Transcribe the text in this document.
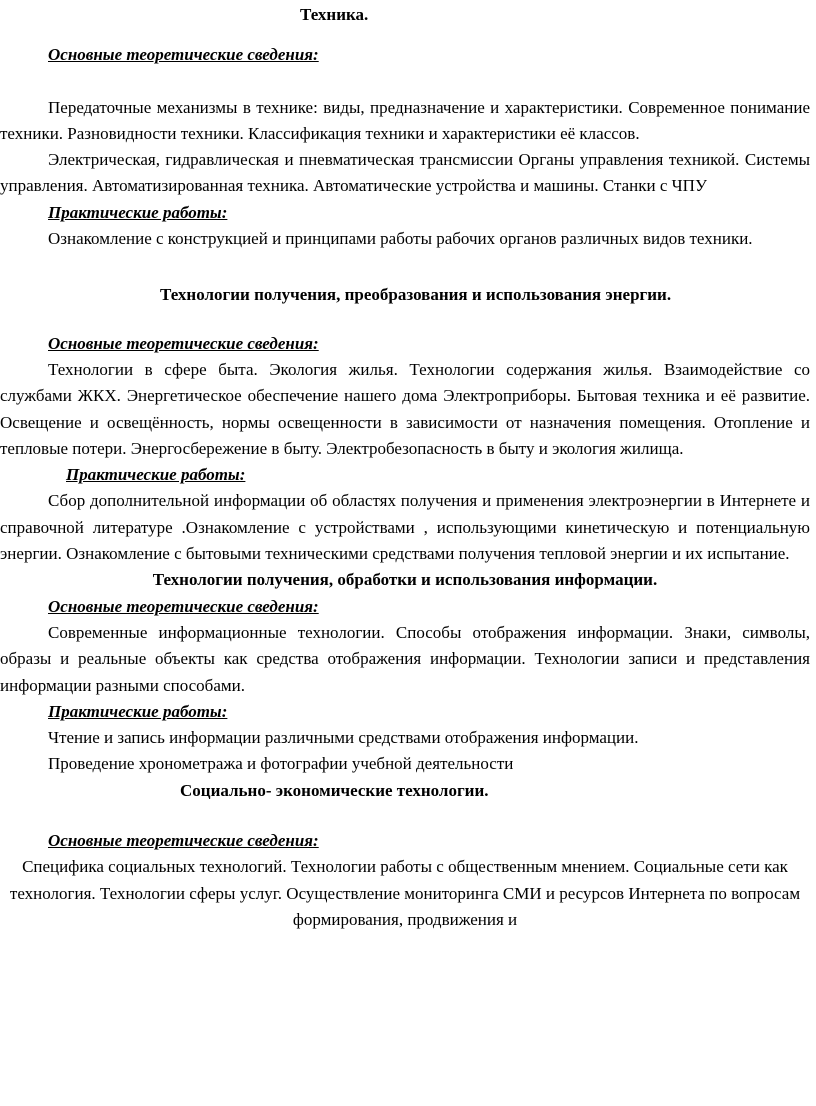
Техника.

Основные теоретические сведения:

Передаточные механизмы в технике: виды, предназначение и характеристики. Современное понимание техники. Разновидности техники. Классификация техники и характеристики её классов.

Электрическая, гидравлическая и пневматическая трансмиссии Органы управления техникой. Системы управления. Автоматизированная техника. Автоматические устройства и машины. Станки с ЧПУ

Практические работы:

Ознакомление с конструкцией и принципами работы рабочих органов различных видов техники.

Технологии получения, преобразования и использования энергии.

Основные теоретические сведения:

Технологии в сфере быта. Экология жилья. Технологии содержания жилья. Взаимодействие со службами ЖКХ. Энергетическое обеспечение нашего дома Электроприборы. Бытовая техника и её развитие. Освещение и освещённость, нормы освещенности в зависимости от назначения помещения. Отопление и тепловые потери. Энергосбережение в быту. Электробезопасность в быту и экология жилища.

Практические работы:

Сбор дополнительной информации об областях получения и применения электроэнергии в Интернете и справочной литературе .Ознакомление с устройствами , использующими кинетическую и потенциальную энергии. Ознакомление с бытовыми техническими средствами получения тепловой энергии и их испытание.

Технологии получения, обработки и использования информации.

Основные теоретические сведения:

Современные информационные технологии. Способы отображения информации. Знаки, символы, образы и реальные объекты как средства отображения информации. Технологии записи и представления информации разными способами.

Практические работы:

Чтение и запись информации различными средствами отображения информации.

Проведение хронометража и фотографии учебной деятельности

Социально- экономические технологии.

Основные теоретические сведения:

Специфика социальных технологий. Технологии работы с общественным мнением. Социальные сети как технология. Технологии сферы услуг. Осуществление мониторинга СМИ и ресурсов Интернета по вопросам формирования, продвижения и
